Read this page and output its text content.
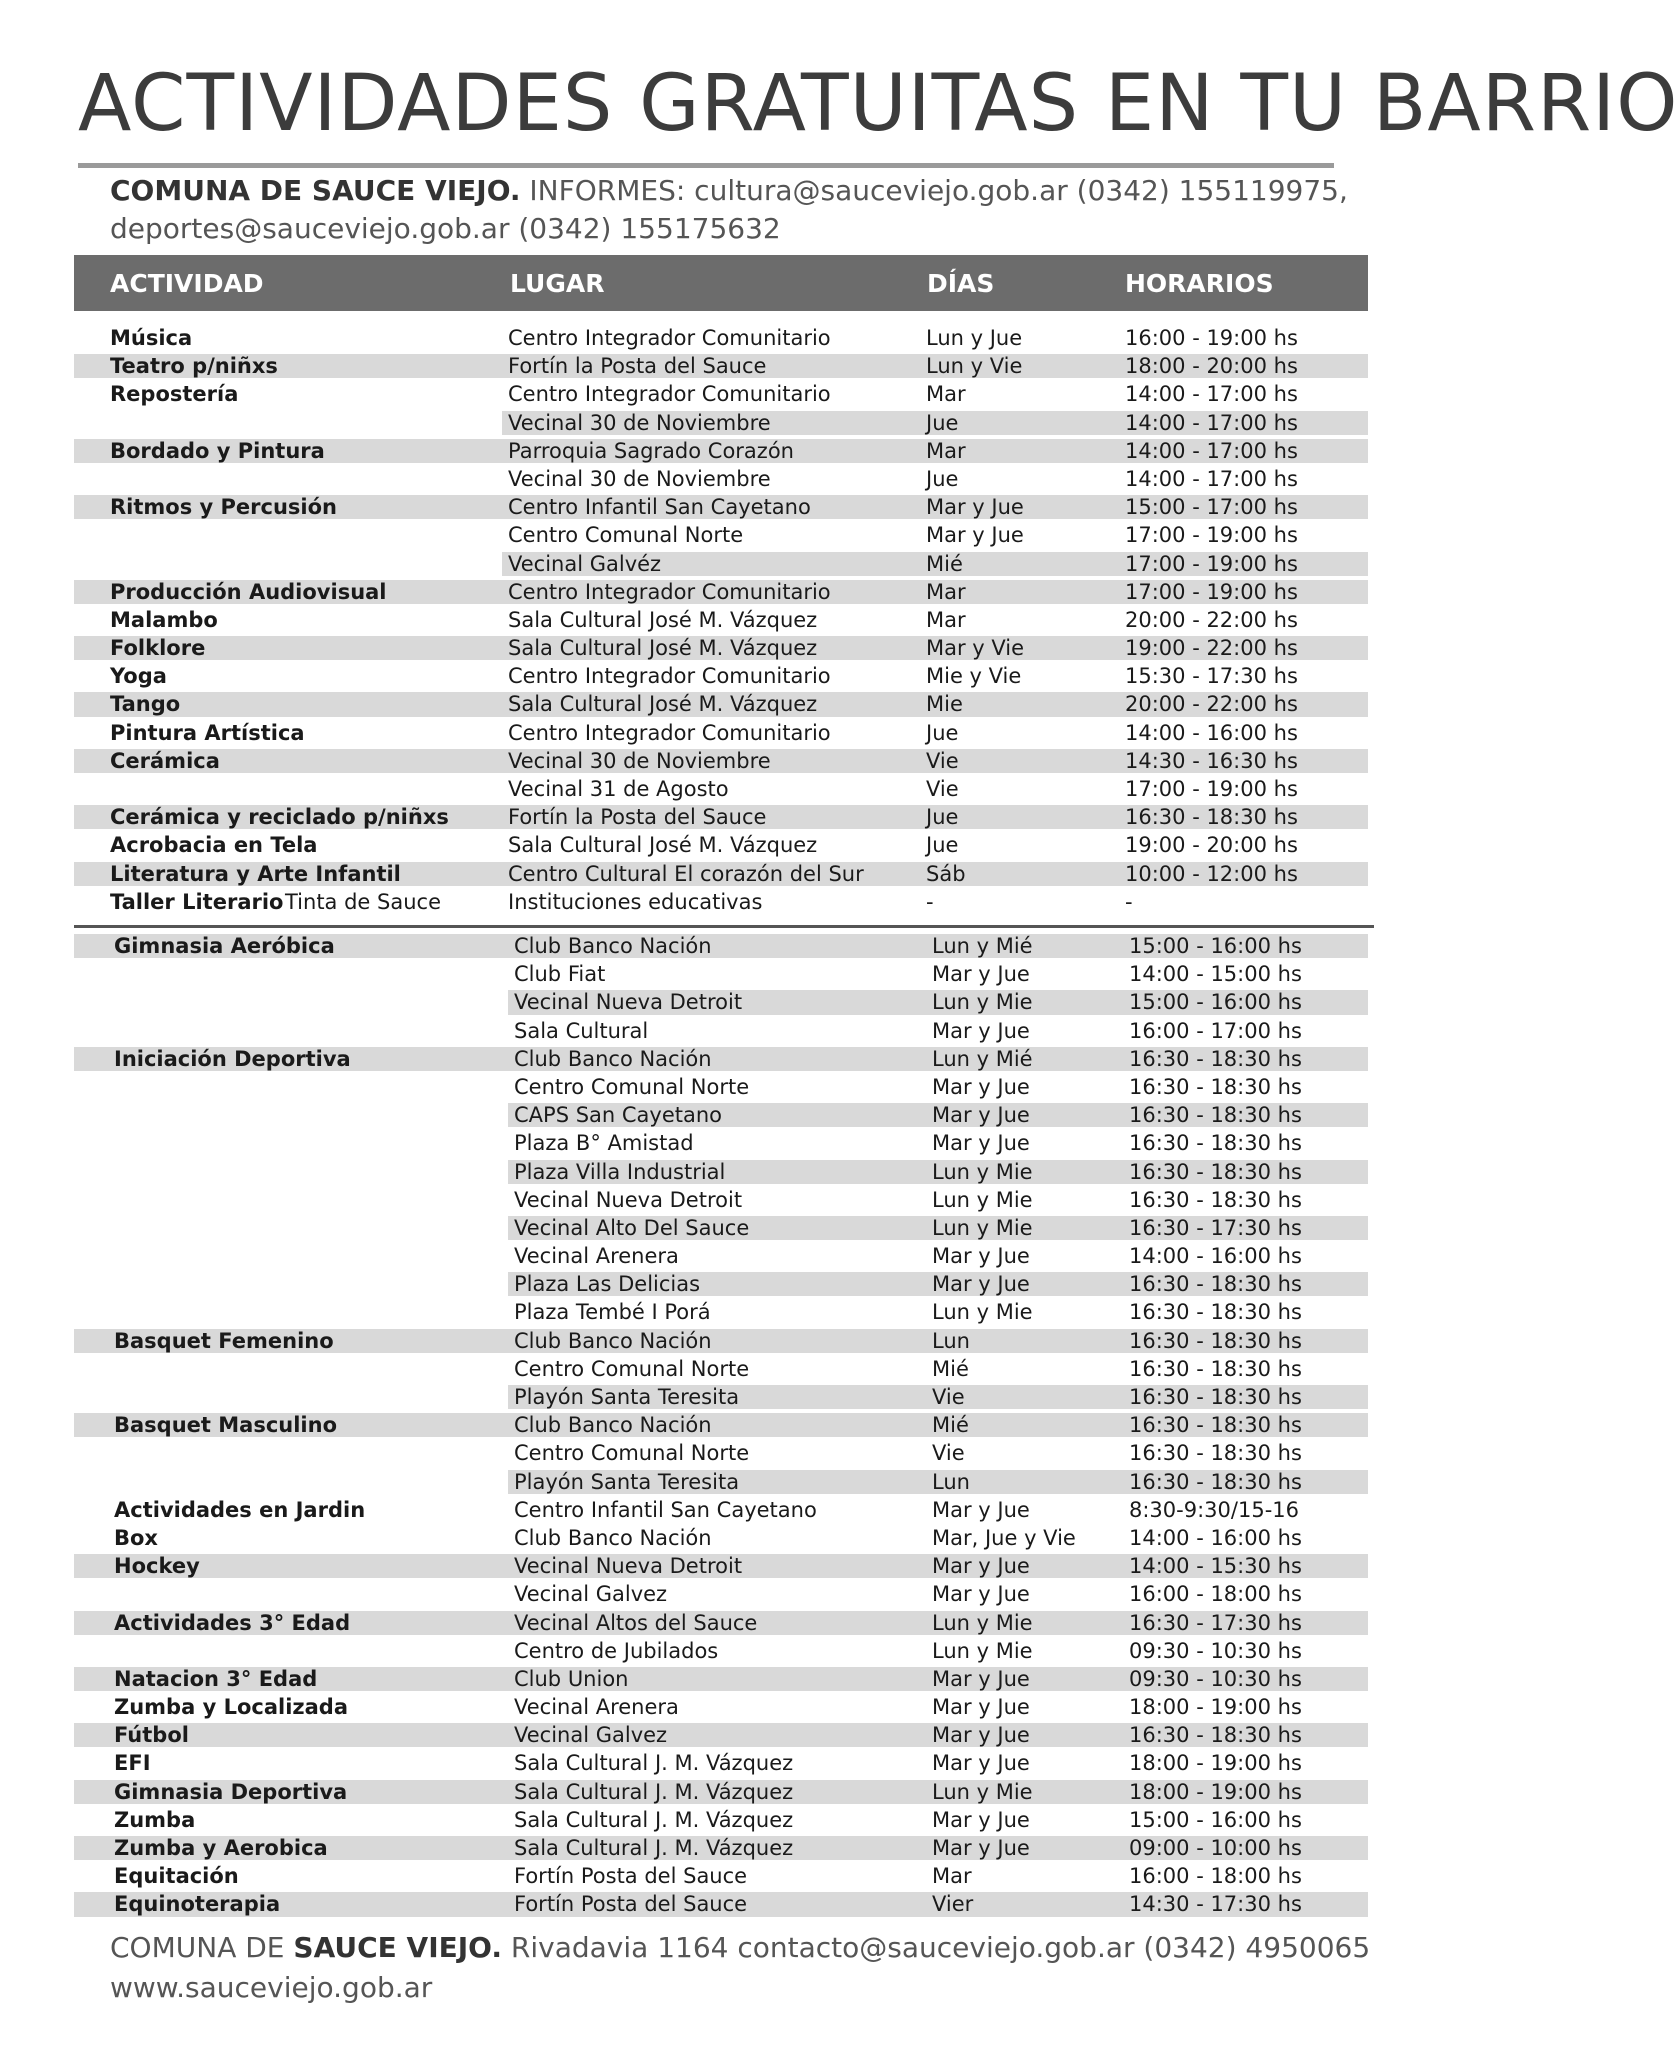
ACTIVIDADES GRATUITAS EN TU BARRIO
COMUNA DE SAUCE VIEJO. INFORMES: cultura@sauceviejo.gob.ar (0342) 155119975,
deportes@sauceviejo.gob.ar (0342) 155175632
ACTIVIDAD	LUGAR	DÍAS	HORARIOS
Música	Centro Integrador Comunitario	Lun y Jue	16:00 - 19:00 hs
Teatro p/niñxs	Fortín la Posta del Sauce	Lun y Vie	18:00 - 20:00 hs
Repostería	Centro Integrador Comunitario	Mar	14:00 - 17:00 hs
Vecinal 30 de Noviembre	Jue	14:00 - 17:00 hs
Bordado y Pintura	Parroquia Sagrado Corazón	Mar	14:00 - 17:00 hs
Vecinal 30 de Noviembre	Jue	14:00 - 17:00 hs
Ritmos y Percusión	Centro Infantil San Cayetano	Mar y Jue	15:00 - 17:00 hs
Centro Comunal Norte	Mar y Jue	17:00 - 19:00 hs
Vecinal Galvéz	Mié	17:00 - 19:00 hs
Producción Audiovisual	Centro Integrador Comunitario	Mar	17:00 - 19:00 hs
Malambo	Sala Cultural José M. Vázquez	Mar	20:00 - 22:00 hs
Folklore	Sala Cultural José M. Vázquez	Mar y Vie	19:00 - 22:00 hs
Yoga	Centro Integrador Comunitario	Mie y Vie	15:30 - 17:30 hs
Tango	Sala Cultural José M. Vázquez	Mie	20:00 - 22:00 hs
Pintura Artística	Centro Integrador Comunitario	Jue	14:00 - 16:00 hs
Cerámica	Vecinal 30 de Noviembre	Vie	14:30 - 16:30 hs
Vecinal 31 de Agosto	Vie	17:00 - 19:00 hs
Cerámica y reciclado p/niñxs	Fortín la Posta del Sauce	Jue	16:30 - 18:30 hs
Acrobacia en Tela	Sala Cultural José M. Vázquez	Jue	19:00 - 20:00 hs
Literatura y Arte Infantil	Centro Cultural El corazón del Sur	Sáb	10:00 - 12:00 hs
Taller Literario Tinta de Sauce	Instituciones educativas	-	-
Gimnasia Aeróbica	Club Banco Nación	Lun y Mié	15:00 - 16:00 hs
Club Fiat	Mar y Jue	14:00 - 15:00 hs
Vecinal Nueva Detroit	Lun y Mie	15:00 - 16:00 hs
Sala Cultural	Mar y Jue	16:00 - 17:00 hs
Iniciación Deportiva	Club Banco Nación	Lun y Mié	16:30 - 18:30 hs
Centro Comunal Norte	Mar y Jue	16:30 - 18:30 hs
CAPS San Cayetano	Mar y Jue	16:30 - 18:30 hs
Plaza B° Amistad	Mar y Jue	16:30 - 18:30 hs
Plaza Villa Industrial	Lun y Mie	16:30 - 18:30 hs
Vecinal Nueva Detroit	Lun y Mie	16:30 - 18:30 hs
Vecinal Alto Del Sauce	Lun y Mie	16:30 - 17:30 hs
Vecinal Arenera	Mar y Jue	14:00 - 16:00 hs
Plaza Las Delicias	Mar y Jue	16:30 - 18:30 hs
Plaza Tembé I Porá	Lun y Mie	16:30 - 18:30 hs
Basquet Femenino	Club Banco Nación	Lun	16:30 - 18:30 hs
Centro Comunal Norte	Mié	16:30 - 18:30 hs
Playón Santa Teresita	Vie	16:30 - 18:30 hs
Basquet Masculino	Club Banco Nación	Mié	16:30 - 18:30 hs
Centro Comunal Norte	Vie	16:30 - 18:30 hs
Playón Santa Teresita	Lun	16:30 - 18:30 hs
Actividades en Jardin	Centro Infantil San Cayetano	Mar y Jue	8:30-9:30/15-16
Box	Club Banco Nación	Mar, Jue y Vie	14:00 - 16:00 hs
Hockey	Vecinal Nueva Detroit	Mar y Jue	14:00 - 15:30 hs
Vecinal Galvez	Mar y Jue	16:00 - 18:00 hs
Actividades 3° Edad	Vecinal Altos del Sauce	Lun y Mie	16:30 - 17:30 hs
Centro de Jubilados	Lun y Mie	09:30 - 10:30 hs
Natacion 3° Edad	Club Union	Mar y Jue	09:30 - 10:30 hs
Zumba y Localizada	Vecinal Arenera	Mar y Jue	18:00 - 19:00 hs
Fútbol	Vecinal Galvez	Mar y Jue	16:30 - 18:30 hs
EFI	Sala Cultural J. M. Vázquez	Mar y Jue	18:00 - 19:00 hs
Gimnasia Deportiva	Sala Cultural J. M. Vázquez	Lun y Mie	18:00 - 19:00 hs
Zumba	Sala Cultural J. M. Vázquez	Mar y Jue	15:00 - 16:00 hs
Zumba y Aerobica	Sala Cultural J. M. Vázquez	Mar y Jue	09:00 - 10:00 hs
Equitación	Fortín Posta del Sauce	Mar	16:00 - 18:00 hs
Equinoterapia	Fortín Posta del Sauce	Vier	14:30 - 17:30 hs
COMUNA DE SAUCE VIEJO. Rivadavia 1164 contacto@sauceviejo.gob.ar (0342) 4950065
www.sauceviejo.gob.ar
